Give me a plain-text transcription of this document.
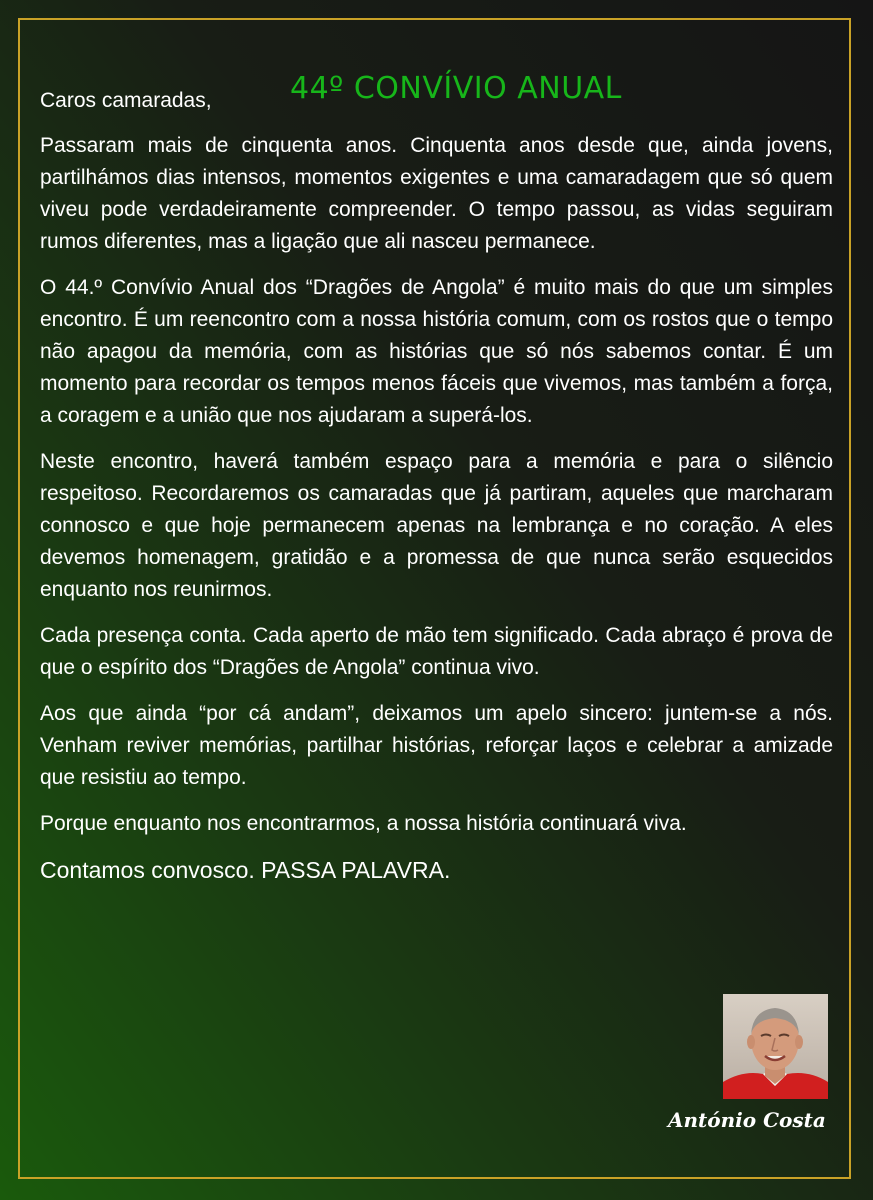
44º CONVÍVIO ANUAL
Caros camaradas,

Passaram mais de cinquenta anos. Cinquenta anos desde que, ainda jovens, partilhámos dias intensos, momentos exigentes e uma camaradagem que só quem viveu pode verdadeiramente compreender. O tempo passou, as vidas seguiram rumos diferentes, mas a ligação que ali nasceu permanece.

O 44.º Convívio Anual dos “Dragões de Angola” é muito mais do que um simples encontro. É um reencontro com a nossa história comum, com os rostos que o tempo não apagou da memória, com as histórias que só nós sabemos contar. É um momento para recordar os tempos menos fáceis que vivemos, mas também a força, a coragem e a união que nos ajudaram a superá-los.

Neste encontro, haverá também espaço para a memória e para o silêncio respeitoso. Recordaremos os camaradas que já partiram, aqueles que marcharam connosco e que hoje permanecem apenas na lembrança e no coração. A eles devemos homenagem, gratidão e a promessa de que nunca serão esquecidos enquanto nos reunirmos.

Cada presença conta. Cada aperto de mão tem significado. Cada abraço é prova de que o espírito dos “Dragões de Angola” continua vivo.

Aos que ainda “por cá andam”, deixamos um apelo sincero: juntem-se a nós. Venham reviver memórias, partilhar histórias, reforçar laços e celebrar a amizade que resistiu ao tempo.

Porque enquanto nos encontrarmos, a nossa história continuará viva.

Contamos convosco. PASSA PALAVRA.

António Costa
